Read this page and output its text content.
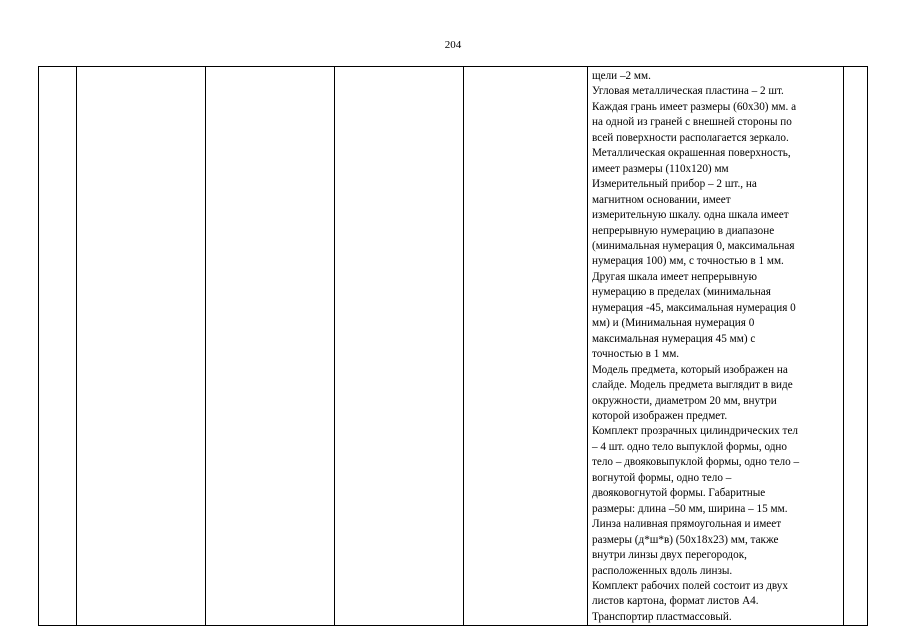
204

щели –2 мм.
Угловая металлическая пластина – 2 шт.
Каждая грань имеет размеры (60х30) мм. а
на одной из граней с внешней стороны по
всей поверхности располагается зеркало.
Металлическая окрашенная поверхность,
имеет размеры (110х120) мм
Измерительный прибор – 2 шт., на
магнитном основании, имеет
измерительную шкалу. одна шкала имеет
непрерывную нумерацию в диапазоне
(минимальная нумерация 0, максимальная
нумерация 100) мм, с точностью в 1 мм.
Другая шкала имеет непрерывную
нумерацию в пределах (минимальная
нумерация -45, максимальная нумерация 0
мм) и (Минимальная нумерация 0
максимальная нумерация 45 мм) с
точностью в 1 мм.
Модель предмета, который изображен на
слайде. Модель предмета выглядит в виде
окружности, диаметром 20 мм, внутри
которой изображен предмет.
Комплект прозрачных цилиндрических тел
– 4 шт. одно тело выпуклой формы, одно
тело – двояковыпуклой формы, одно тело –
вогнутой формы, одно тело –
двояковогнутой формы. Габаритные
размеры: длина –50 мм, ширина – 15 мм.
Линза наливная прямоугольная и имеет
размеры (д*ш*в) (50х18х23) мм, также
внутри линзы двух перегородок,
расположенных вдоль линзы.
Комплект рабочих полей состоит из двух
листов картона, формат листов А4.
Транспортир пластмассовый.
